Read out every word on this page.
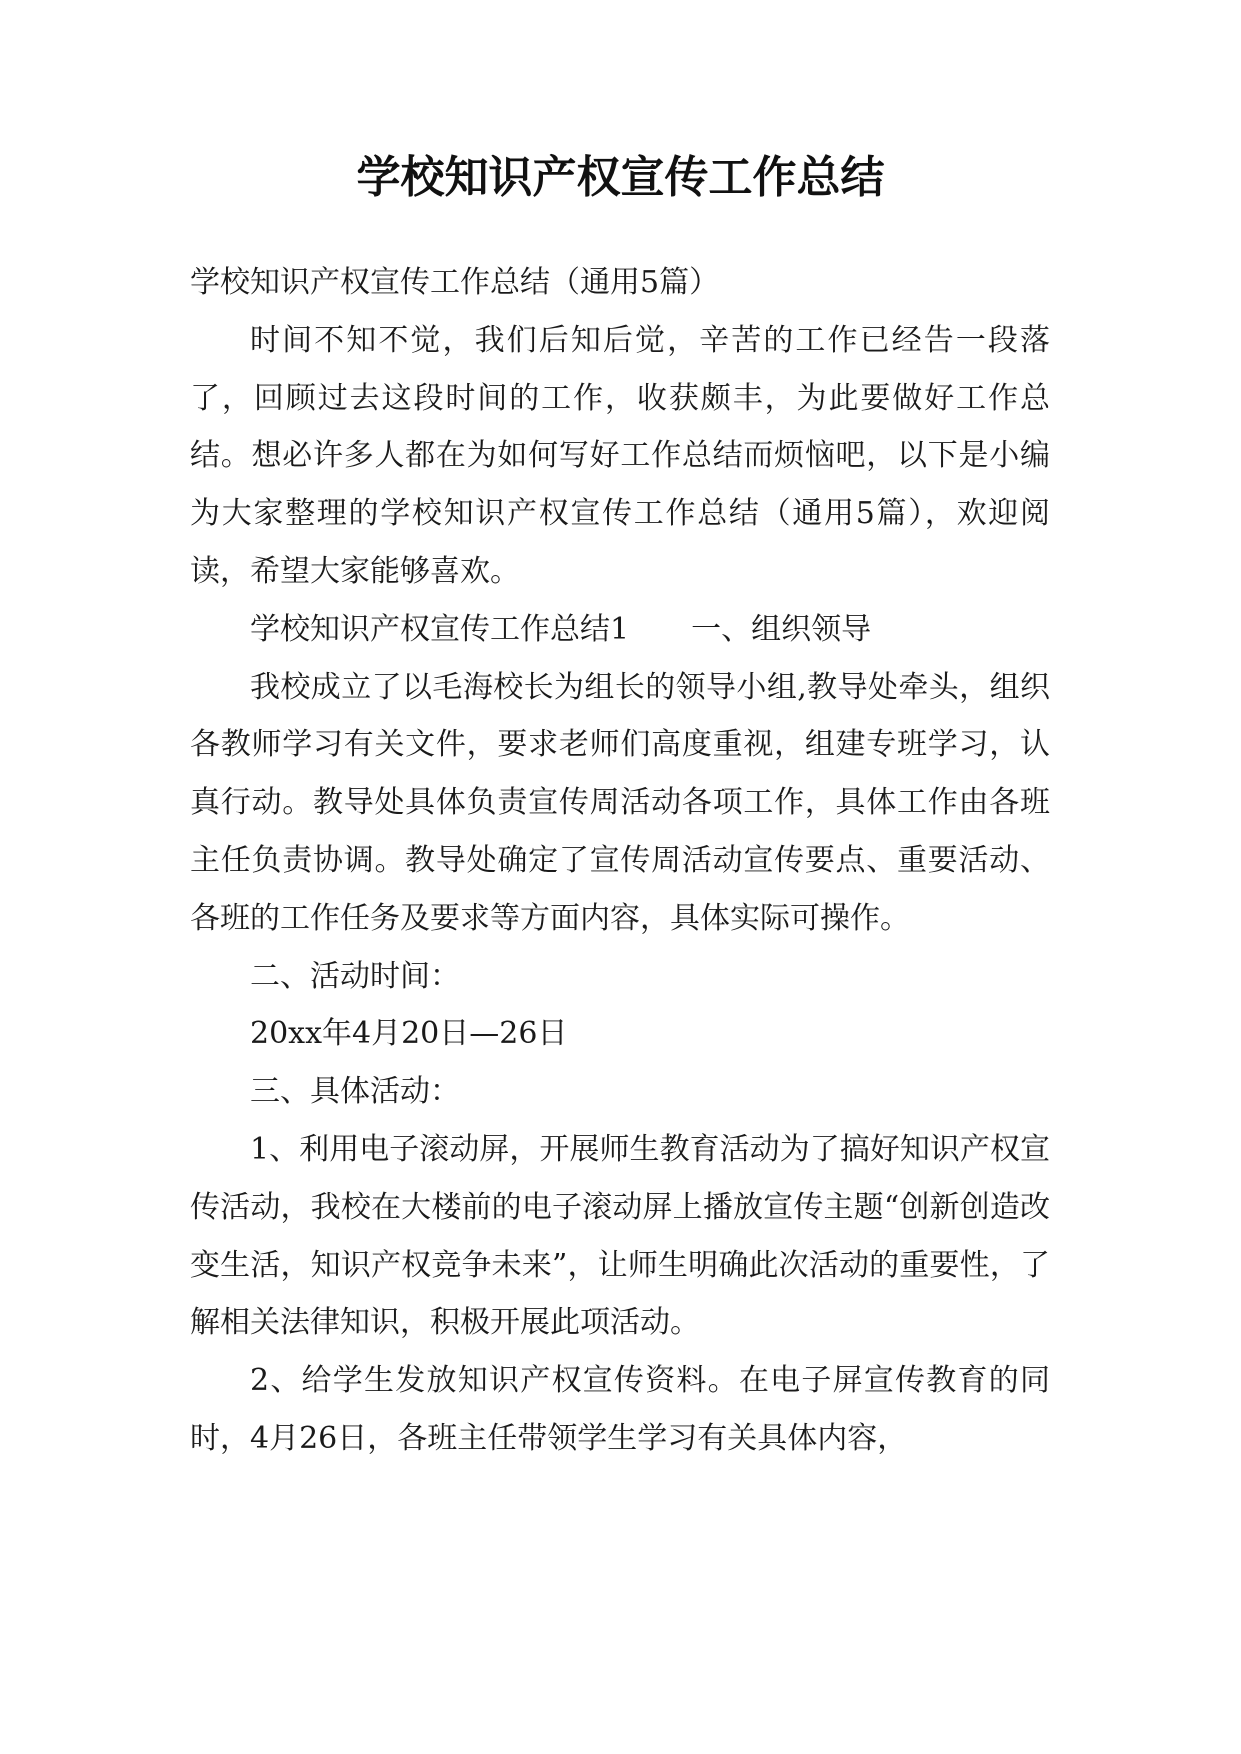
学校知识产权宣传工作总结

学校知识产权宣传工作总结（通用5篇）

时间不知不觉，我们后知后觉，辛苦的工作已经告一段落了，回顾过去这段时间的工作，收获颇丰，为此要做好工作总结。想必许多人都在为如何写好工作总结而烦恼吧，以下是小编为大家整理的学校知识产权宣传工作总结（通用5篇），欢迎阅读，希望大家能够喜欢。

学校知识产权宣传工作总结1 一、组织领导

我校成立了以毛海校长为组长的领导小组,教导处牵头，组织各教师学习有关文件，要求老师们高度重视，组建专班学习，认真行动。教导处具体负责宣传周活动各项工作，具体工作由各班主任负责协调。教导处确定了宣传周活动宣传要点、重要活动、各班的工作任务及要求等方面内容，具体实际可操作。

二、活动时间：

20xx年4月20日—26日

三、具体活动：

1、利用电子滚动屏，开展师生教育活动为了搞好知识产权宣传活动，我校在大楼前的电子滚动屏上播放宣传主题“创新创造改变生活，知识产权竞争未来”，让师生明确此次活动的重要性，了解相关法律知识，积极开展此项活动。

2、给学生发放知识产权宣传资料。在电子屏宣传教育的同时，4月26日，各班主任带领学生学习有关具体内容，
